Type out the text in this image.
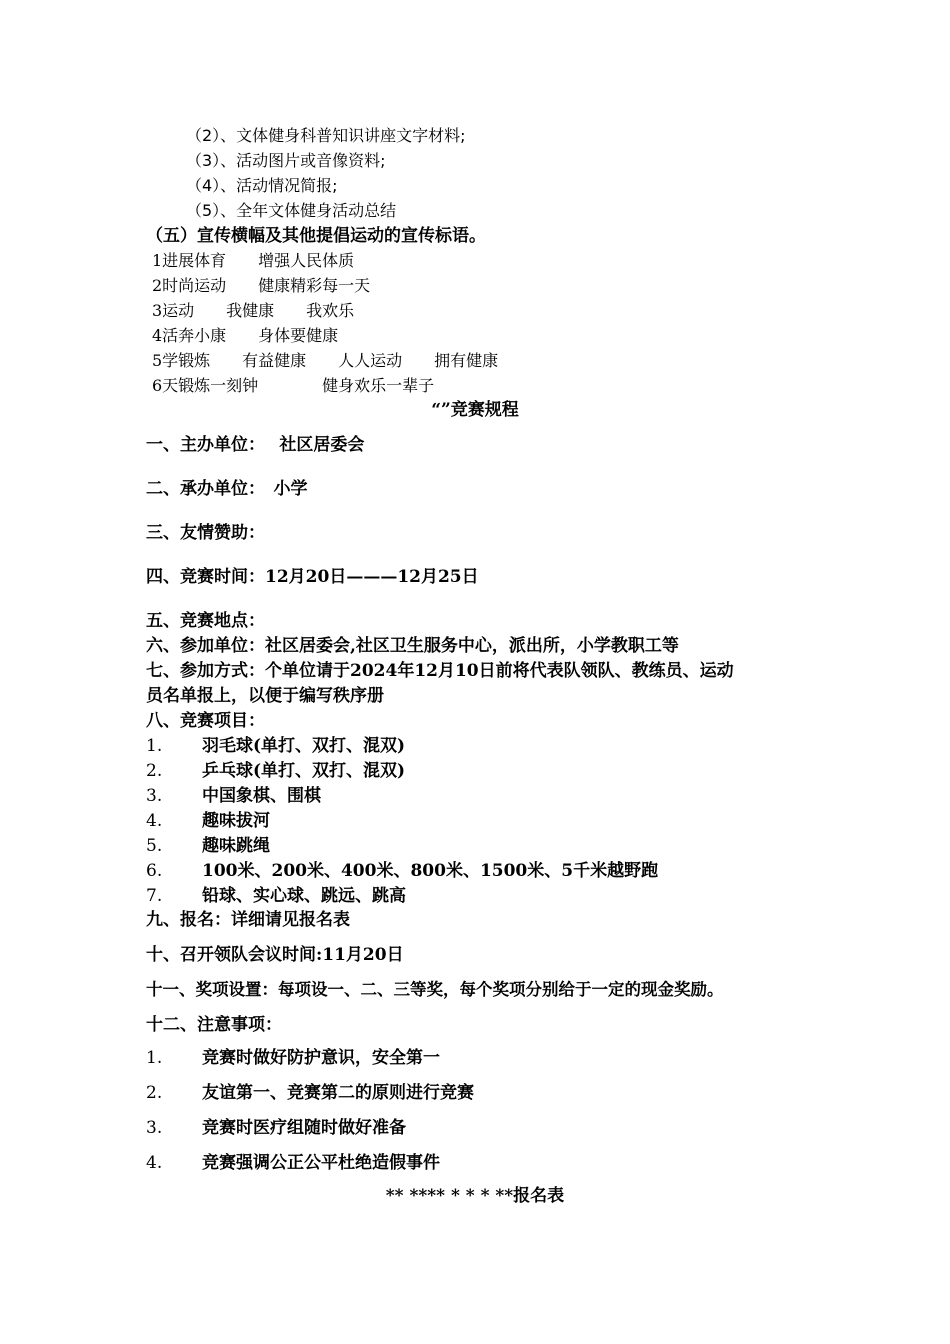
（2）、文体健身科普知识讲座文字材料;
（3）、活动图片或音像资料;
（4）、活动情况简报;
（5）、全年文体健身活动总结
（五）宣传横幅及其他提倡运动的宣传标语。
1进展体育　　增强人民体质
2时尚运动　　健康精彩每一天
3运动　　我健康　　我欢乐
4活奔小康　　身体要健康
5学锻炼　　有益健康　　人人运动　　拥有健康
6天锻炼一刻钟　　　　健身欢乐一辈子
“”竞赛规程
一、主办单位：　 社区居委会
二、承办单位：　小学
三、友情赞助：
四、竞赛时间：12月20日———12月25日
五、竞赛地点：
六、参加单位：社区居委会,社区卫生服务中心，派出所，小学教职工等
七、参加方式：个单位请于2024年12月10日前将代表队领队、教练员、运动
员名单报上，以便于编写秩序册
八、竞赛项目：
1. 羽毛球(单打、双打、混双)
2. 乒乓球(单打、双打、混双)
3. 中国象棋、围棋
4. 趣味拔河
5. 趣味跳绳
6. 100米、200米、400米、800米、1500米、5千米越野跑
7. 铅球、实心球、跳远、跳高
九、报名：详细请见报名表
十、召开领队会议时间:11月20日
十一、奖项设置：每项设一、二、三等奖，每个奖项分别给于一定的现金奖励。
十二、注意事项：
1. 竞赛时做好防护意识，安全第一
2. 友谊第一、竞赛第二的原则进行竞赛
3. 竞赛时医疗组随时做好准备
4. 竞赛强调公正公平杜绝造假事件
** **** * * * **报名表
